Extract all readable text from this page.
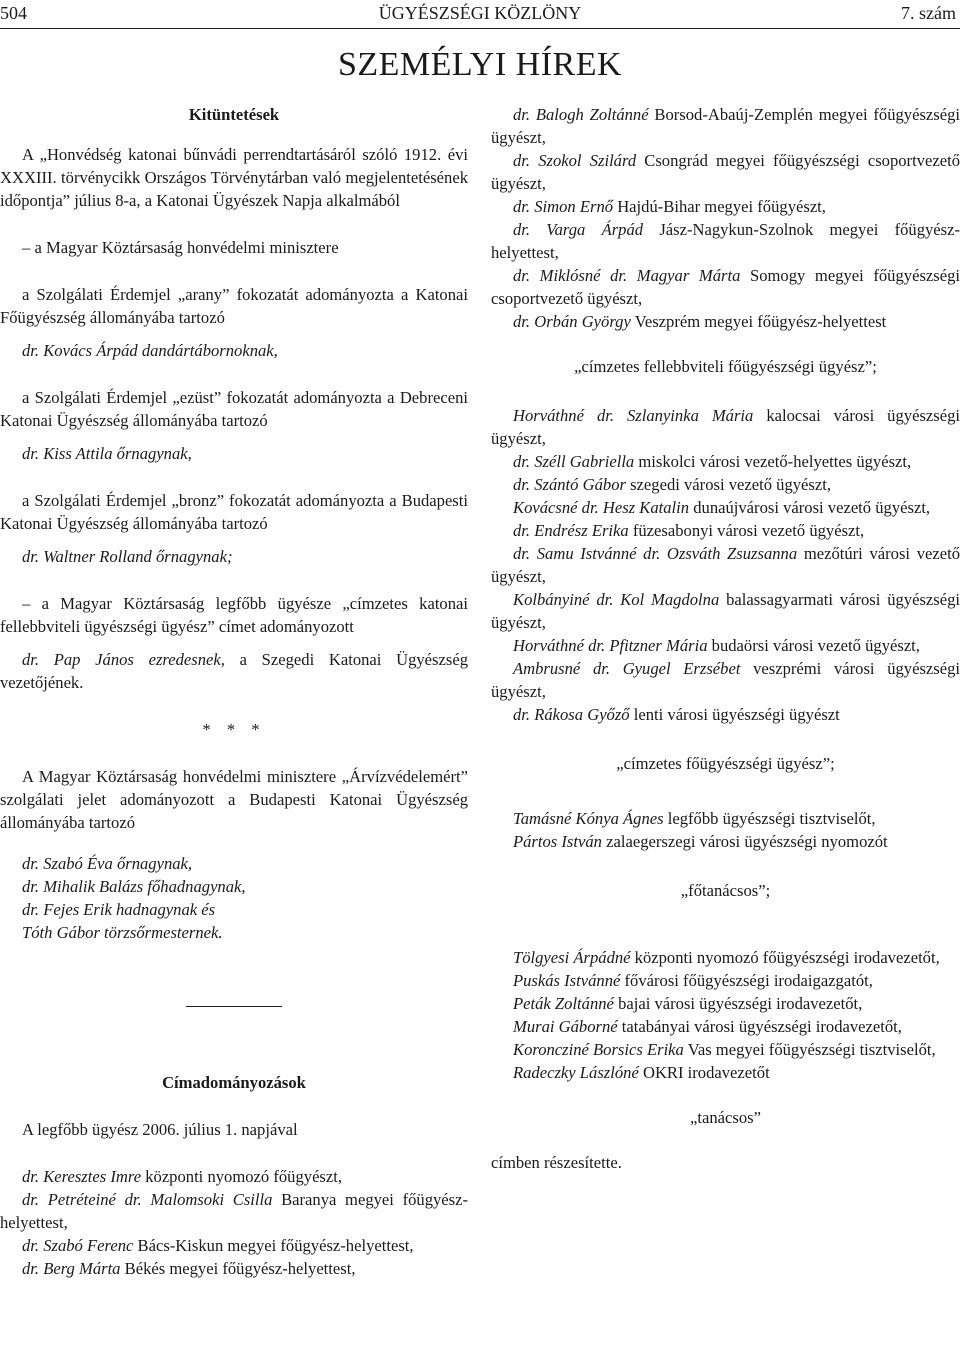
504	ÜGYÉSZSÉGI KÖZLÖNY	7. szám
SZEMÉLYI HÍREK

Kitüntetések

A „Honvédség katonai bűnvádi perrendtartásáról szóló 1912. évi XXXIII. törvénycikk Országos Törvénytárban való megjelentetésének időpontja” július 8-a, a Katonai Ügyészek Napja alkalmából

– a Magyar Köztársaság honvédelmi minisztere

a Szolgálati Érdemjel „arany” fokozatát adományozta a Katonai Főügyészség állományába tartozó

dr. Kovács Árpád dandártábornoknak,

a Szolgálati Érdemjel „ezüst” fokozatát adományozta a Debreceni Katonai Ügyészség állományába tartozó

dr. Kiss Attila őrnagynak,

a Szolgálati Érdemjel „bronz” fokozatát adományozta a Budapesti Katonai Ügyészség állományába tartozó

dr. Waltner Rolland őrnagynak;

– a Magyar Köztársaság legfőbb ügyésze „címzetes katonai fellebbviteli ügyészségi ügyész” címet adományozott

dr. Pap János ezredesnek, a Szegedi Katonai Ügyészség vezetőjének.

* * *

A Magyar Köztársaság honvédelmi minisztere „Árvízvédelemért” szolgálati jelet adományozott a Budapesti Katonai Ügyészség állományába tartozó

dr. Szabó Éva őrnagynak,

dr. Mihalik Balázs főhadnagynak,

dr. Fejes Erik hadnagynak és

Tóth Gábor törzsőrmesternek.

Címadományozások

A legfőbb ügyész 2006. július 1. napjával

dr. Keresztes Imre központi nyomozó főügyészt,

dr. Petréteiné dr. Malomsoki Csilla Baranya megyei főügyész-helyettest,

dr. Szabó Ferenc Bács-Kiskun megyei főügyész-helyettest,

dr. Berg Márta Békés megyei főügyész-helyettest,

dr. Balogh Zoltánné Borsod-Abaúj-Zemplén megyei főügyészségi ügyészt,

dr. Szokol Szilárd Csongrád megyei főügyészségi csoportvezető ügyészt,

dr. Simon Ernő Hajdú-Bihar megyei főügyészt,

dr. Varga Árpád Jász-Nagykun-Szolnok megyei főügyész-helyettest,

dr. Miklósné dr. Magyar Márta Somogy megyei főügyészségi csoportvezető ügyészt,

dr. Orbán György Veszprém megyei főügyész-helyettest

„címzetes fellebbviteli főügyészségi ügyész”;

Horváthné dr. Szlanyinka Mária kalocsai városi ügyészségi ügyészt,

dr. Széll Gabriella miskolci városi vezető-helyettes ügyészt,

dr. Szántó Gábor szegedi városi vezető ügyészt,

Kovácsné dr. Hesz Katalin dunaújvárosi városi vezető ügyészt,

dr. Endrész Erika füzesabonyi városi vezető ügyészt,

dr. Samu Istvánné dr. Ozsváth Zsuzsanna mezőtúri városi vezető ügyészt,

Kolbányiné dr. Kol Magdolna balassagyarmati városi ügyészségi ügyészt,

Horváthné dr. Pfitzner Mária budaörsi városi vezető ügyészt,

Ambrusné dr. Gyugel Erzsébet veszprémi városi ügyészségi ügyészt,

dr. Rákosa Győző lenti városi ügyészségi ügyészt

„címzetes főügyészségi ügyész”;

Tamásné Kónya Ágnes legfőbb ügyészségi tisztviselőt,

Pártos István zalaegerszegi városi ügyészségi nyomozót

„főtanácsos”;

Tölgyesi Árpádné központi nyomozó főügyészségi irodavezetőt,

Puskás Istvánné fővárosi főügyészségi irodaigazgatót,

Peták Zoltánné bajai városi ügyészségi irodavezetőt,

Murai Gáborné tatabányai városi ügyészségi irodavezetőt,

Koroncziné Borsics Erika Vas megyei főügyészségi tisztviselőt,

Radeczky Lászlóné OKRI irodavezetőt

„tanácsos”

címben részesítette.
